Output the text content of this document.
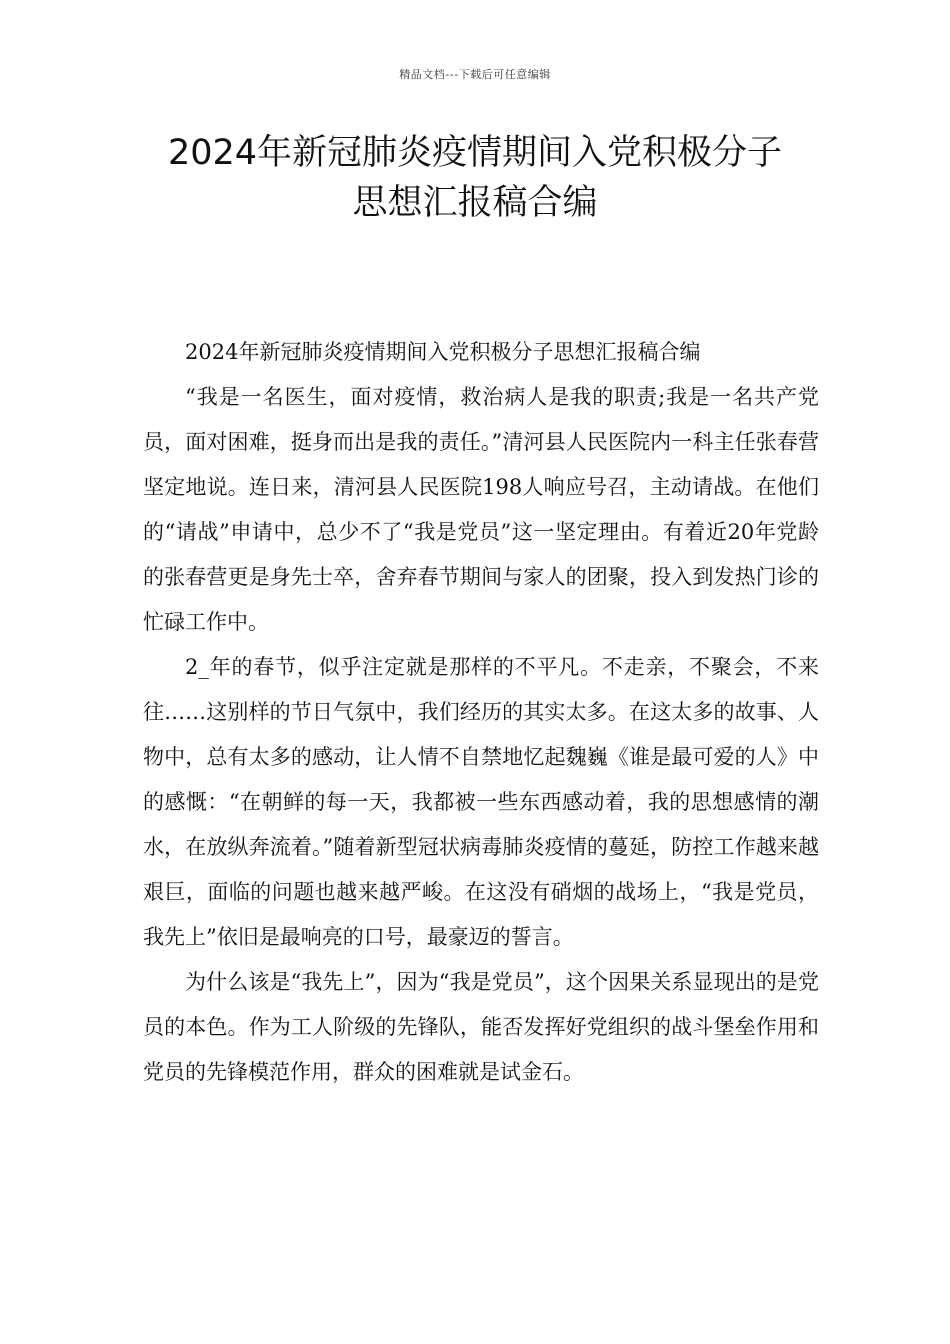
精品文档---下载后可任意编辑
2024年新冠肺炎疫情期间入党积极分子
思想汇报稿合编

2024年新冠肺炎疫情期间入党积极分子思想汇报稿合编

“我是一名医生，面对疫情，救治病人是我的职责;我是一名共产党员，面对困难，挺身而出是我的责任。”清河县人民医院内一科主任张春营坚定地说。连日来，清河县人民医院198人响应号召，主动请战。在他们的“请战”申请中，总少不了“我是党员”这一坚定理由。有着近20年党龄的张春营更是身先士卒，舍弃春节期间与家人的团聚，投入到发热门诊的忙碌工作中。

2_年的春节，似乎注定就是那样的不平凡。不走亲，不聚会，不来往……这别样的节日气氛中，我们经历的其实太多。在这太多的故事、人物中，总有太多的感动，让人情不自禁地忆起魏巍《谁是最可爱的人》中的感慨：“在朝鲜的每一天，我都被一些东西感动着，我的思想感情的潮水，在放纵奔流着。”随着新型冠状病毒肺炎疫情的蔓延，防控工作越来越艰巨，面临的问题也越来越严峻。在这没有硝烟的战场上，“我是党员，我先上”依旧是最响亮的口号，最豪迈的誓言。

为什么该是“我先上”，因为“我是党员”，这个因果关系显现出的是党员的本色。作为工人阶级的先锋队，能否发挥好党组织的战斗堡垒作用和党员的先锋模范作用，群众的困难就是试金石。
